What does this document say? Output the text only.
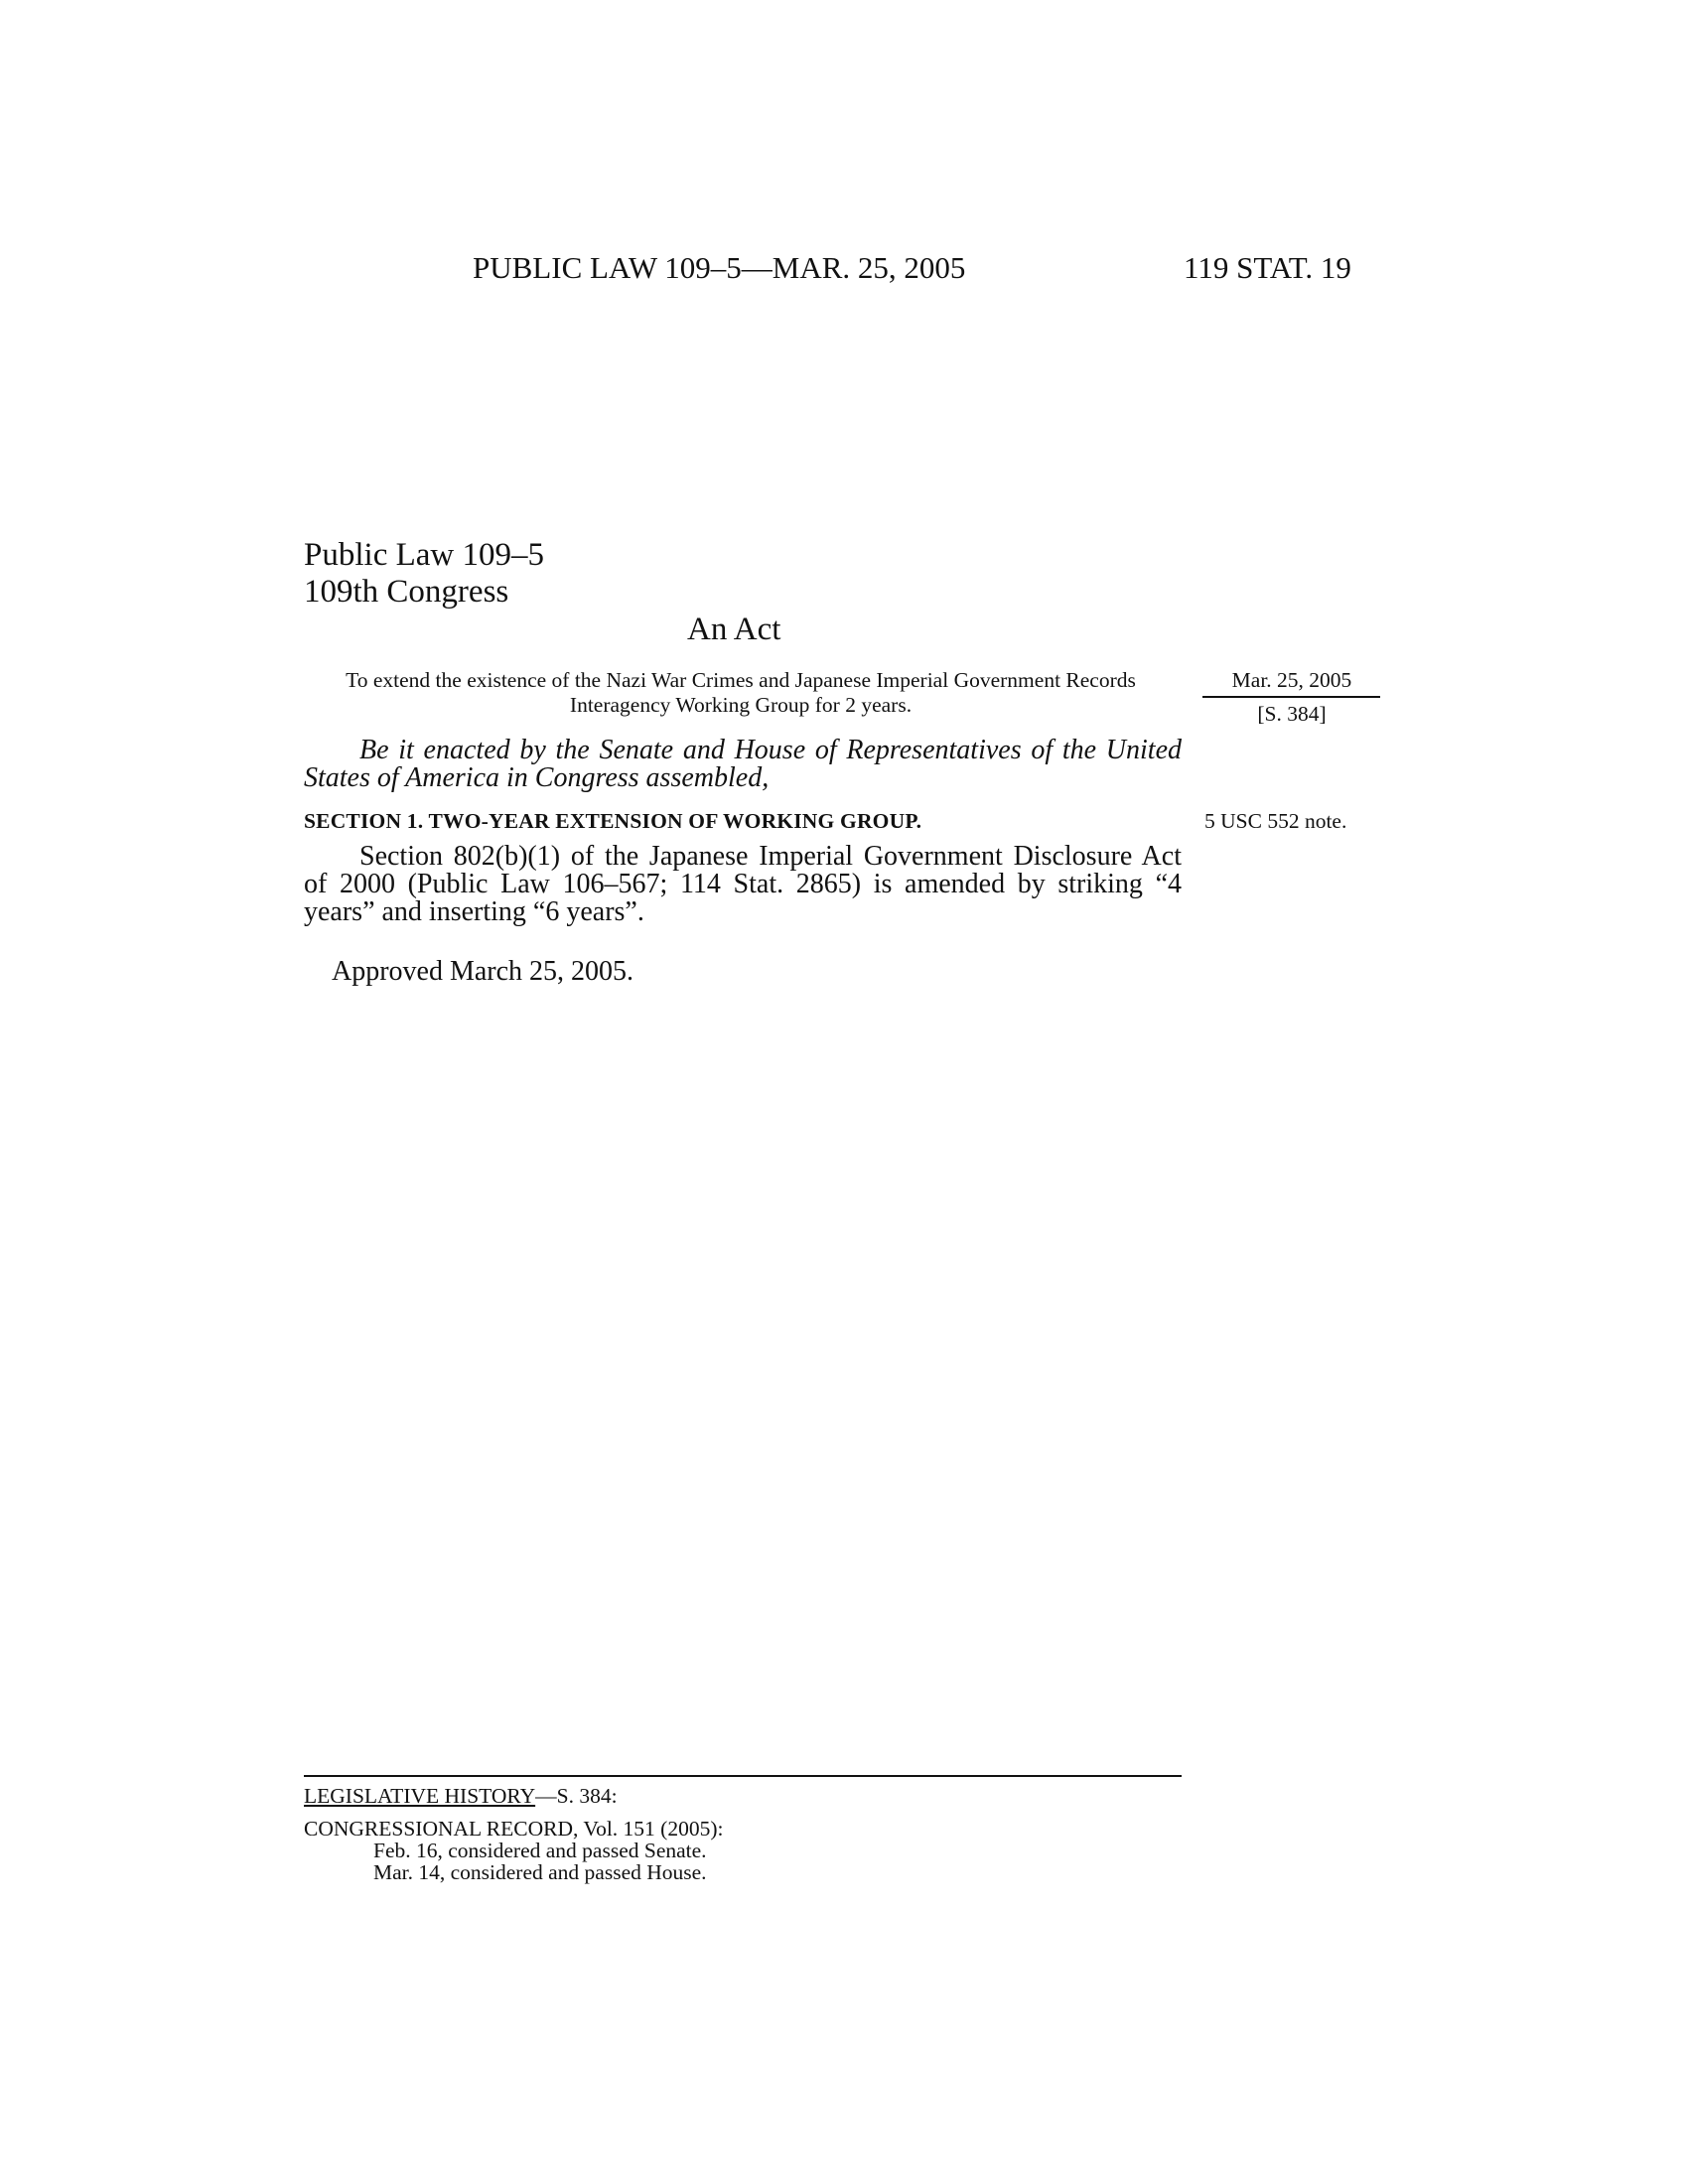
PUBLIC LAW 109–5—MAR. 25, 2005	119 STAT. 19
Public Law 109–5
109th Congress
An Act
To extend the existence of the Nazi War Crimes and Japanese Imperial Government Records Interagency Working Group for 2 years.
Mar. 25, 2005
[S. 384]
Be it enacted by the Senate and House of Representatives of the United States of America in Congress assembled,
SECTION 1. TWO-YEAR EXTENSION OF WORKING GROUP.	5 USC 552 note.
Section 802(b)(1) of the Japanese Imperial Government Disclosure Act of 2000 (Public Law 106–567; 114 Stat. 2865) is amended by striking “4 years” and inserting “6 years”.
Approved March 25, 2005.
LEGISLATIVE HISTORY—S. 384:
CONGRESSIONAL RECORD, Vol. 151 (2005):
Feb. 16, considered and passed Senate.
Mar. 14, considered and passed House.
